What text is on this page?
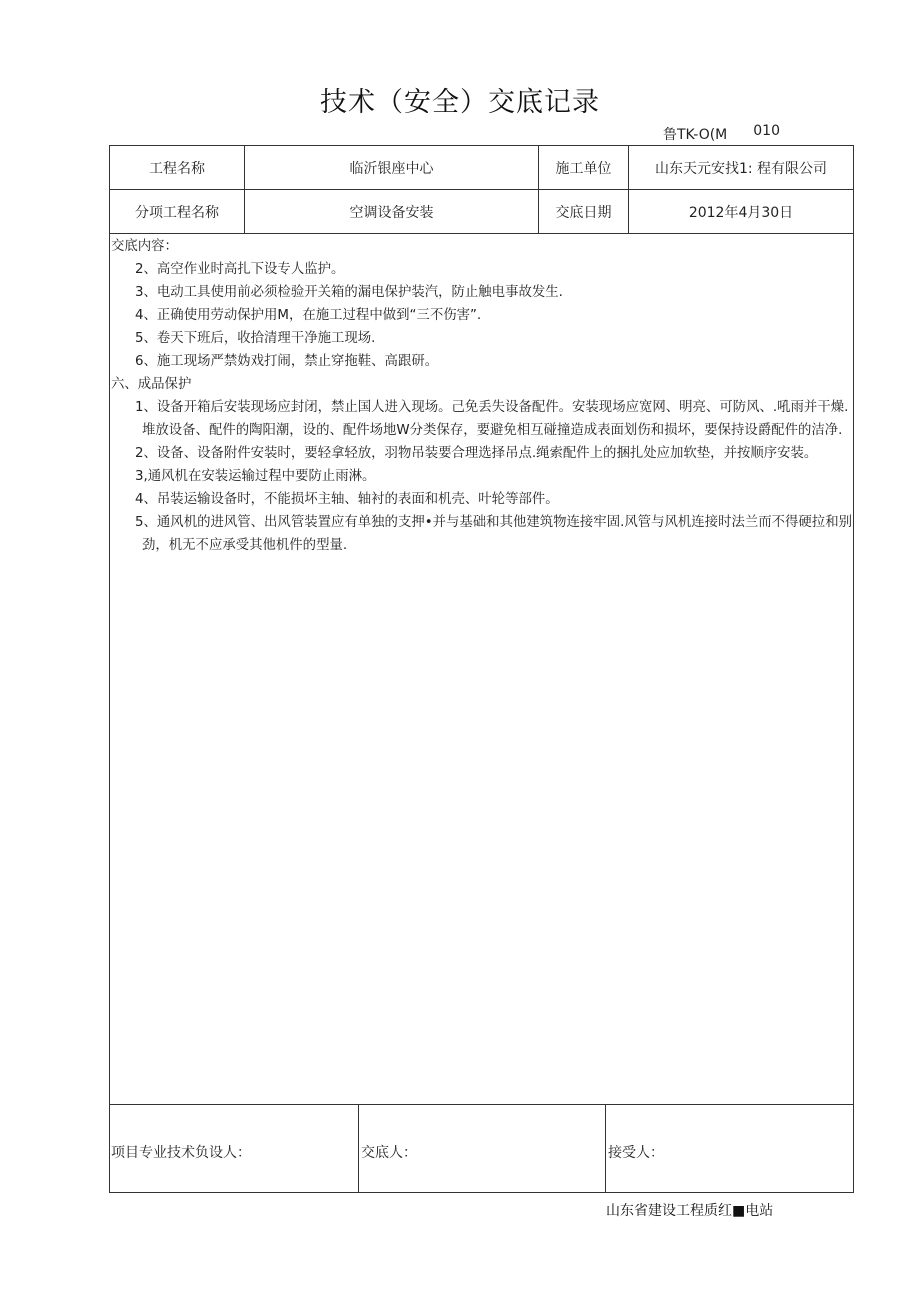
技术（安全）交底记录
鲁TK-O(M 010
工程名称	临沂银座中心	施工单位	山东天元安找1: 程有限公司
分项工程名称	空调设备安装	交底日期	2012年4月30日
交底内容：
2、高空作业时高扎下设专人监护。
3、电动工具使用前必须检验开关箱的漏电保护装汽，防止触电事故发生.
4、正确使用劳动保护用M，在施工过程中做到“三不伤害”.
5、卷天下班后，收拾清理干净施工现场.
6、施工现场严禁妫戏打闹，禁止穿拖鞋、高跟研。
六、成品保护
1、设备开箱后安装现场应封闭，禁止国人进入现场。己免丢失设备配件。安装现场应宽网、明亮、可防风、.吼雨并干燥.堆放设备、配件的陶阳潮，设的、配件场地W分类保存，要避免相互碰撞造成表面划伤和损坏，要保持设爵配件的洁净.
2、设备、设备附件安装时，要轻拿轻放，羽物吊装要合理选择吊点.绳索配件上的捆扎处应加软垫，并按顺序安装。
3,通风机在安装运输过程中要防止雨淋。
4、吊装运输设备时，不能损坏主轴、轴衬的表面和机壳、叶轮等部件。
5、通风机的进风管、出风管装置应有单独的支押•并与基础和其他建筑物连接牢固.风管与风机连接时法兰而不得硬拉和别劲，机无不应承受其他机件的型量.
项目专业技术负设人：	交底人：	接受人：
山东省建设工程质红■电站
